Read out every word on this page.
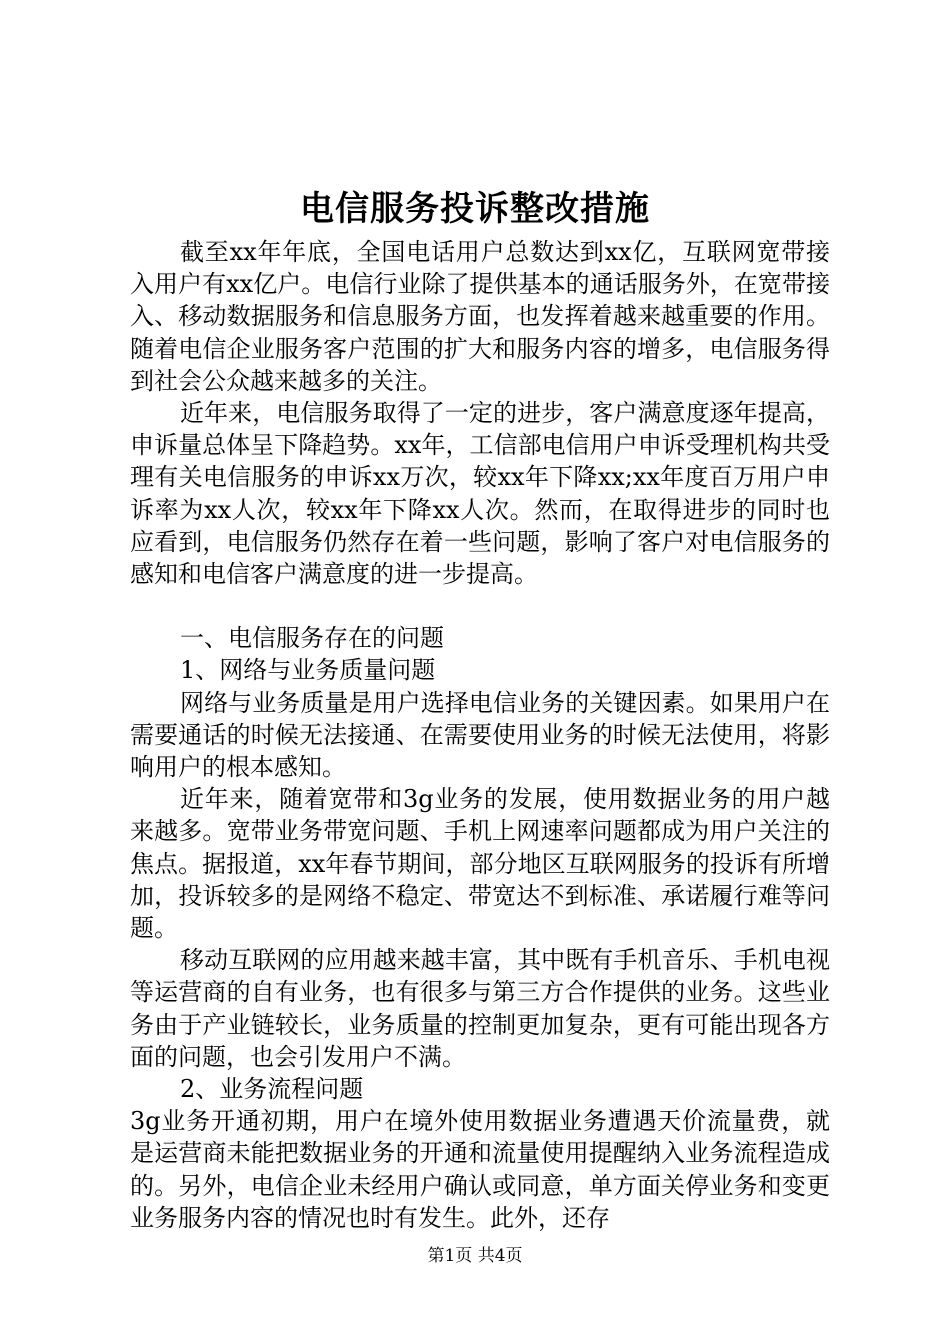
电信服务投诉整改措施

截至xx年年底，全国电话用户总数达到xx亿，互联网宽带接入用户有xx亿户。电信行业除了提供基本的通话服务外，在宽带接入、移动数据服务和信息服务方面，也发挥着越来越重要的作用。随着电信企业服务客户范围的扩大和服务内容的增多，电信服务得到社会公众越来越多的关注。

近年来，电信服务取得了一定的进步，客户满意度逐年提高，申诉量总体呈下降趋势。xx年，工信部电信用户申诉受理机构共受理有关电信服务的申诉xx万次，较xx年下降xx;xx年度百万用户申诉率为xx人次，较xx年下降xx人次。然而，在取得进步的同时也应看到，电信服务仍然存在着一些问题，影响了客户对电信服务的感知和电信客户满意度的进一步提高。

一、电信服务存在的问题

1、网络与业务质量问题

网络与业务质量是用户选择电信业务的关键因素。如果用户在需要通话的时候无法接通、在需要使用业务的时候无法使用，将影响用户的根本感知。

近年来，随着宽带和3g业务的发展，使用数据业务的用户越来越多。宽带业务带宽问题、手机上网速率问题都成为用户关注的焦点。据报道，xx年春节期间，部分地区互联网服务的投诉有所增加，投诉较多的是网络不稳定、带宽达不到标准、承诺履行难等问题。

移动互联网的应用越来越丰富，其中既有手机音乐、手机电视等运营商的自有业务，也有很多与第三方合作提供的业务。这些业务由于产业链较长，业务质量的控制更加复杂，更有可能出现各方面的问题，也会引发用户不满。

2、业务流程问题

3g业务开通初期，用户在境外使用数据业务遭遇天价流量费，就是运营商未能把数据业务的开通和流量使用提醒纳入业务流程造成的。另外，电信企业未经用户确认或同意，单方面关停业务和变更业务服务内容的情况也时有发生。此外，还存

第1页 共4页
